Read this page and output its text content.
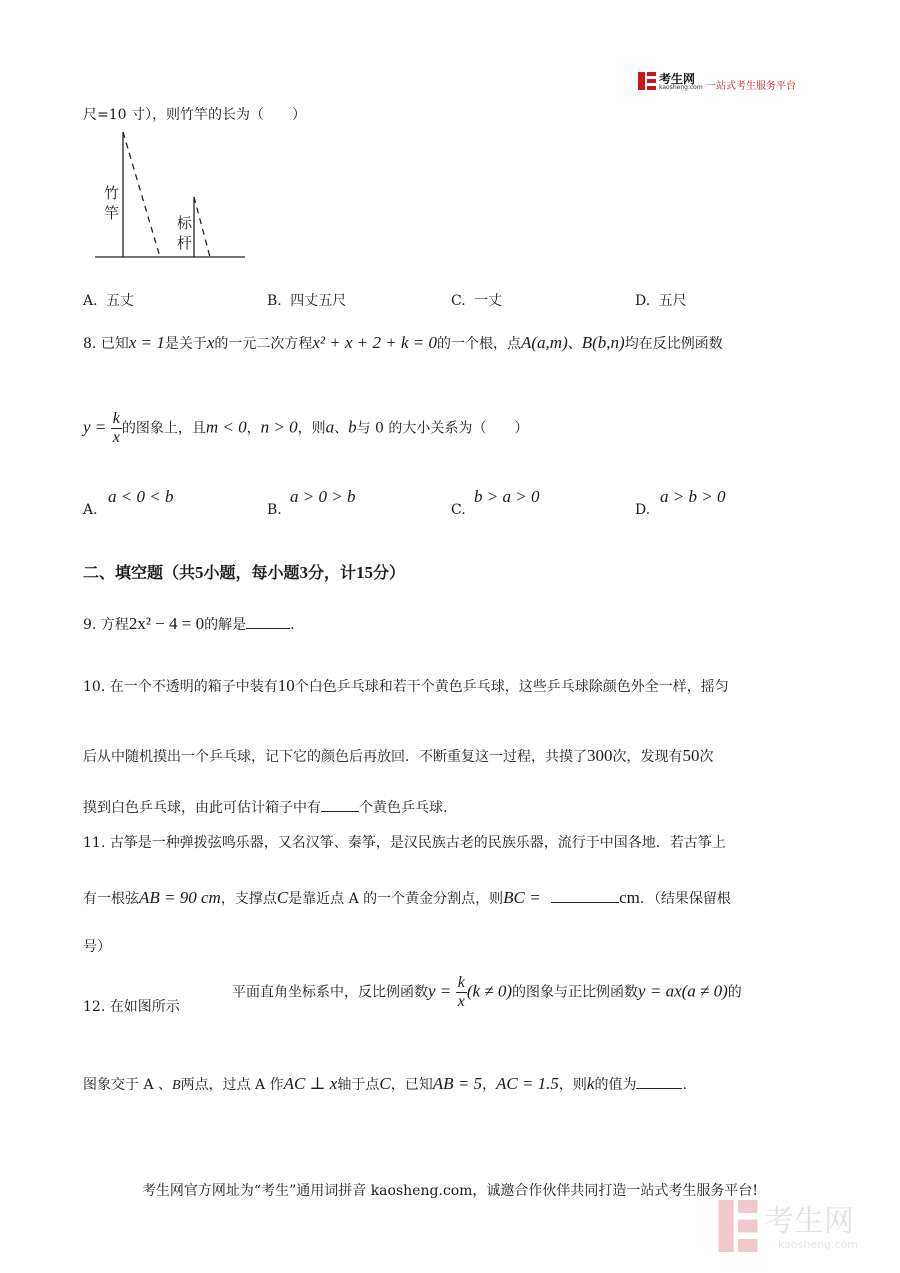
考生网
kaosheng.com 一站式考生服务平台
尺=10 寸），则竹竿的长为（　　）
竹
竿
标
杆
A. 五丈	B. 四丈五尺	C. 一丈	D. 五尺
8. 已知x = 1是关于x的一元二次方程x² + x + 2 + k = 0的一个根，点A(a,m)、B(b,n)均在反比例函数
$y = \frac{k}{x}$ 的图象上，且m < 0，n > 0，则a、b与 0 的大小关系为（　　）
A.
a < 0 < b
B.
a > 0 > b
C.
b > a > 0
D.
a > b > 0
二、填空题（共5小题，每小题3分，计15分）
9. 方程2x² − 4 = 0的解是	.
10. 在一个不透明的箱子中装有10个白色乒乓球和若干个黄色乒乓球，这些乒乓球除颜色外全一样，摇匀
后从中随机摸出一个乒乓球，记下它的颜色后再放回．不断重复这一过程，共摸了300次，发现有50次
摸到白色乒乓球，由此可估计箱子中有	个黄色乒乓球.
11. 古筝是一种弹拨弦鸣乐器，又名汉筝、秦筝，是汉民族古老的民族乐器，流行于中国各地．若古筝上
有一根弦AB = 90 cm，支撑点C是靠近点 A 的一个黄金分割点，则BC =	cm．（结果保留根
号）
12. 在如图所示
平面直角坐标系中，反比例函数$y = \frac{k}{x} (k \ne 0)$的图象与正比例函数y = ax(a ≠ 0)的
图象交于 A 、B两点，过点 A 作AC ⊥ x轴于点C，已知AB = 5，AC = 1.5，则k的值为	.
考生网官方网址为“考生”通用词拼音 kaosheng.com，诚邀合作伙伴共同打造一站式考生服务平台!
考生网
kaosheng.com
